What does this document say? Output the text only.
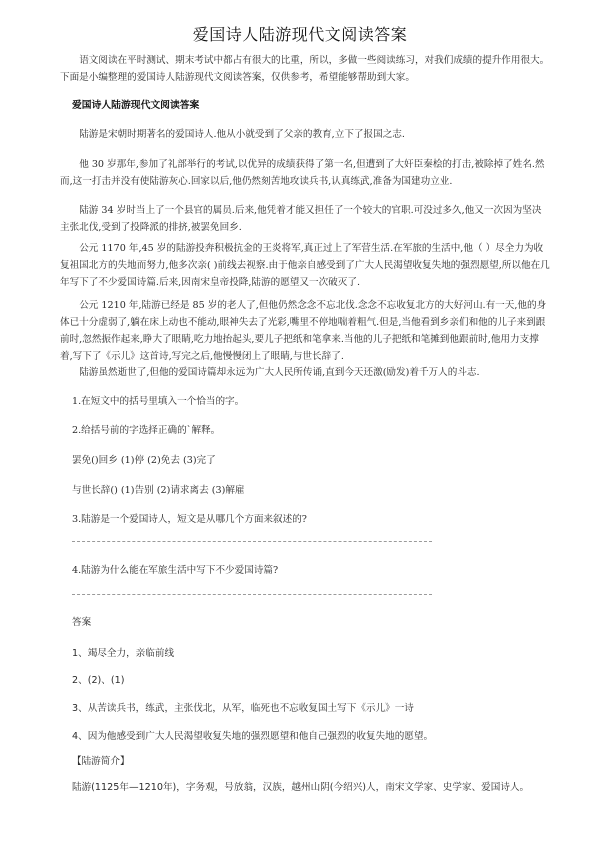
爱国诗人陆游现代文阅读答案

语文阅读在平时测试、期末考试中都占有很大的比重，所以，多做一些阅读练习，对我们成绩的提升作用很大。下面是小编整理的爱国诗人陆游现代文阅读答案，仅供参考，希望能够帮助到大家。

爱国诗人陆游现代文阅读答案

陆游是宋朝时期著名的爱国诗人.他从小就受到了父亲的教育,立下了报国之志.

他 30 岁那年,参加了礼部举行的考试,以优异的成绩获得了第一名,但遭到了大奸臣秦桧的打击,被除掉了姓名.然而,这一打击并没有使陆游灰心.回家以后,他仍然刻苦地攻读兵书,认真练武,准备为国建功立业.

陆游 34 岁时当上了一个县官的属员.后来,他凭着才能又担任了一个较大的官职.可没过多久,他又一次因为坚决主张北伐,受到了投降派的排挤,被罢免回乡.

公元 1170 年,45 岁的陆游投奔积极抗金的王炎将军,真正过上了军营生活.在军旅的生活中,他（ ）尽全力为收复祖国北方的失地而努力,他多次亲( )前线去视察.由于他亲自感受到了广大人民渴望收复失地的强烈愿望,所以他在几年写下了不少爱国诗篇.后来,因南宋皇帝投降,陆游的愿望又一次破灭了.

公元 1210 年,陆游已经是 85 岁的老人了,但他仍然念念不忘北伐.念念不忘收复北方的大好河山.有一天,他的身体已十分虚弱了,躺在床上动也不能动,眼神失去了光彩,嘴里不停地喘着粗气.但是,当他看到乡亲们和他的儿子来到跟前时,忽然振作起来,睁大了眼睛,吃力地抬起头,要儿子把纸和笔拿来.当他的儿子把纸和笔摊到他跟前时,他用力支撑着,写下了《示儿》这首诗,写完之后,他慢慢闭上了眼睛,与世长辞了.

陆游虽然逝世了,但他的爱国诗篇却永远为广大人民所传诵,直到今天还激(励发)着千万人的斗志.

1.在短文中的括号里填入一个恰当的字。

2.给括号前的字选择正确的`解释。

罢免()回乡 (1)停 (2)免去 (3)完了

与世长辞() (1)告别 (2)请求离去 (3)解雇

3.陆游是一个爱国诗人，短文是从哪几个方面来叙述的?

4.陆游为什么能在军旅生活中写下不少爱国诗篇?

答案

1、竭尽全力，亲临前线

2、(2)、(1)

3、从苦读兵书，练武，主张伐北，从军，临死也不忘收复国土写下《示儿》一诗

4、因为他感受到广大人民渴望收复失地的强烈愿望和他自己强烈的收复失地的愿望。

【陆游简介】

陆游(1125年—1210年)，字务观，号放翁，汉族，越州山阴(今绍兴)人，南宋文学家、史学家、爱国诗人。
